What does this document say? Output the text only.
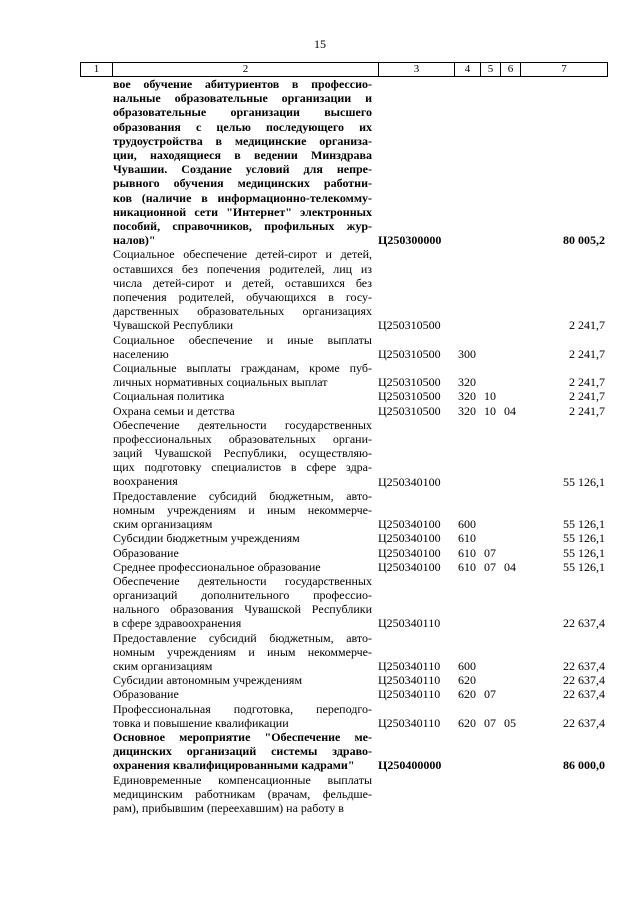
15
1	2	3	4	5	6	7
вое обучение абитуриентов в профессио-
нальные образовательные организации и
образовательные организации высшего
образования с целью последующего их
трудоустройства в медицинские организа-
ции, находящиеся в ведении Минздрава
Чувашии. Создание условий для непре-
рывного обучения медицинских работни-
ков (наличие в информационно-телекомму-
никационной сети "Интернет" электронных
пособий, справочников, профильных жур-
налов)"	Ц250300000	80 005,2
Социальное обеспечение детей-сирот и детей,
оставшихся без попечения родителей, лиц из
числа детей-сирот и детей, оставшихся без
попечения родителей, обучающихся в госу-
дарственных образовательных организациях
Чувашской Республики	Ц250310500	2 241,7
Социальное обеспечение и иные выплаты
населению	Ц250310500 300	2 241,7
Социальные выплаты гражданам, кроме пуб-
личных нормативных социальных выплат	Ц250310500 320	2 241,7
Социальная политика	Ц250310500 320 10	2 241,7
Охрана семьи и детства	Ц250310500 320 10 04	2 241,7
Обеспечение деятельности государственных
профессиональных образовательных органи-
заций Чувашской Республики, осуществляю-
щих подготовку специалистов в сфере здра-
воохранения	Ц250340100	55 126,1
Предоставление субсидий бюджетным, авто-
номным учреждениям и иным некоммерче-
ским организациям	Ц250340100 600	55 126,1
Субсидии бюджетным учреждениям	Ц250340100 610	55 126,1
Образование	Ц250340100 610 07	55 126,1
Среднее профессиональное образование	Ц250340100 610 07 04	55 126,1
Обеспечение деятельности государственных
организаций дополнительного профессио-
нального образования Чувашской Республики
в сфере здравоохранения	Ц250340110	22 637,4
Предоставление субсидий бюджетным, авто-
номным учреждениям и иным некоммерче-
ским организациям	Ц250340110 600	22 637,4
Субсидии автономным учреждениям	Ц250340110 620	22 637,4
Образование	Ц250340110 620 07	22 637,4
Профессиональная подготовка, переподго-
товка и повышение квалификации	Ц250340110 620 07 05	22 637,4
Основное мероприятие "Обеспечение ме-
дицинских организаций системы здраво-
охранения квалифицированными кадрами"	Ц250400000	86 000,0
Единовременные компенсационные выплаты
медицинским работникам (врачам, фельдше-
рам), прибывшим (переехавшим) на работу в
